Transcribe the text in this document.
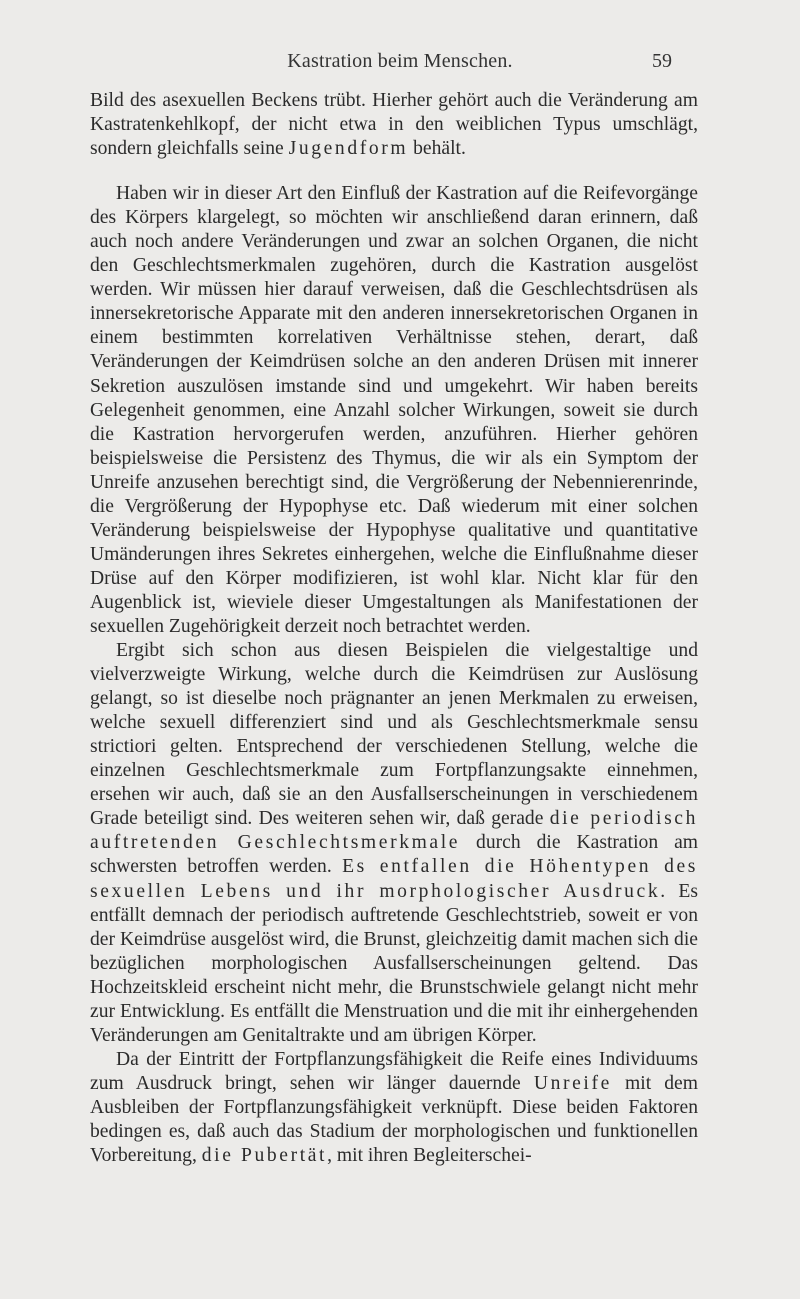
Kastration beim Menschen.	59

Bild des asexuellen Beckens trübt. Hierher gehört auch die Veränderung am Kastratenkehlkopf, der nicht etwa in den weiblichen Typus umschlägt, sondern gleichfalls seine Jugendform behält.

Haben wir in dieser Art den Einfluß der Kastration auf die Reifevorgänge des Körpers klargelegt, so möchten wir anschließend daran erinnern, daß auch noch andere Veränderungen und zwar an solchen Organen, die nicht den Geschlechtsmerkmalen zugehören, durch die Kastration ausgelöst werden. Wir müssen hier darauf verweisen, daß die Geschlechtsdrüsen als innersekretorische Apparate mit den anderen innersekretorischen Organen in einem bestimmten korrelativen Verhältnisse stehen, derart, daß Veränderungen der Keimdrüsen solche an den anderen Drüsen mit innerer Sekretion auszulösen imstande sind und umgekehrt. Wir haben bereits Gelegenheit genommen, eine Anzahl solcher Wirkungen, soweit sie durch die Kastration hervorgerufen werden, anzuführen. Hierher gehören beispielsweise die Persistenz des Thymus, die wir als ein Symptom der Unreife anzusehen berechtigt sind, die Vergrößerung der Nebennierenrinde, die Vergrößerung der Hypophyse etc. Daß wiederum mit einer solchen Veränderung beispielsweise der Hypophyse qualitative und quantitative Umänderungen ihres Sekretes einhergehen, welche die Einflußnahme dieser Drüse auf den Körper modifizieren, ist wohl klar. Nicht klar für den Augenblick ist, wieviele dieser Umgestaltungen als Manifestationen der sexuellen Zugehörigkeit derzeit noch betrachtet werden.

Ergibt sich schon aus diesen Beispielen die vielgestaltige und vielverzweigte Wirkung, welche durch die Keimdrüsen zur Auslösung gelangt, so ist dieselbe noch prägnanter an jenen Merkmalen zu erweisen, welche sexuell differenziert sind und als Geschlechtsmerkmale sensu strictiori gelten. Entsprechend der verschiedenen Stellung, welche die einzelnen Geschlechtsmerkmale zum Fortpflanzungsakte einnehmen, ersehen wir auch, daß sie an den Ausfallserscheinungen in verschiedenem Grade beteiligt sind. Des weiteren sehen wir, daß gerade die periodisch auftretenden Geschlechtsmerkmale durch die Kastration am schwersten betroffen werden. Es entfallen die Höhentypen des sexuellen Lebens und ihr morphologischer Ausdruck. Es entfällt demnach der periodisch auftretende Geschlechtstrieb, soweit er von der Keimdrüse ausgelöst wird, die Brunst, gleichzeitig damit machen sich die bezüglichen morphologischen Ausfallserscheinungen geltend. Das Hochzeitskleid erscheint nicht mehr, die Brunstschwiele gelangt nicht mehr zur Entwicklung. Es entfällt die Menstruation und die mit ihr einhergehenden Veränderungen am Genitaltrakte und am übrigen Körper.

Da der Eintritt der Fortpflanzungsfähigkeit die Reife eines Individuums zum Ausdruck bringt, sehen wir länger dauernde Unreife mit dem Ausbleiben der Fortpflanzungsfähigkeit verknüpft. Diese beiden Faktoren bedingen es, daß auch das Stadium der morphologischen und funktionellen Vorbereitung, die Pubertät, mit ihren Begleiterschei-
